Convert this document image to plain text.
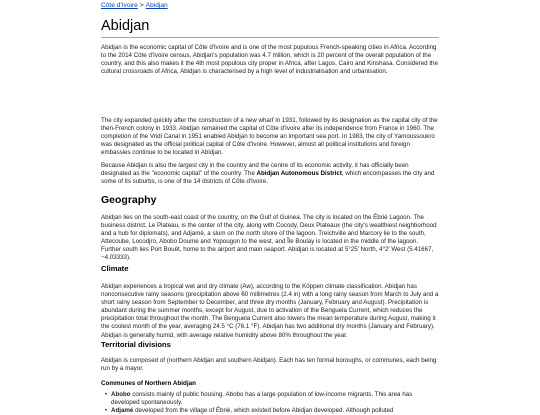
Côte d'Ivoire > Abidjan
Abidjan
Abidjan is the economic capital of Côte d'Ivoire and is one of the most populous French-speaking cities in Africa. According to the 2014 Côte d'Ivoire census, Abidjan's population was 4.7 million, which is 20 percent of the overall population of the country, and this also makes it the 4th most populous city proper in Africa, after Lagos, Cairo and Kinshasa. Considered the cultural crossroads of Africa, Abidjan is characterised by a high level of industrialisation and urbanisation.
The city expanded quickly after the construction of a new wharf in 1931, followed by its designation as the capital city of the then-French colony in 1933. Abidjan remained the capital of Côte d'Ivoire after its independence from France in 1960. The completion of the Vridi Canal in 1951 enabled Abidjan to become an important sea port. In 1983, the city of Yamoussoukro was designated as the official political capital of Côte d'Ivoire. However, almost all political institutions and foreign embassies continue to be located in Abidjan.
Because Abidjan is also the largest city in the country and the centre of its economic activity, it has officially been designated as the "economic capital" of the country. The Abidjan Autonomous District, which encompasses the city and some of its suburbs, is one of the 14 districts of Côte d'Ivoire.
Geography
Abidjan lies on the south-east coast of the country, on the Gulf of Guinea. The city is located on the Ébrié Lagoon. The business district, Le Plateau, is the center of the city, along with Cocody, Deux Plateaux (the city's wealthiest neighborhood and a hub for diplomats), and Adjamé, a slum on the north shore of the lagoon. Treichville and Marcory lie to the south, Attecoube, Locodjro, Abobo Doume and Yopougon to the west, and Île Boulay is located in the middle of the lagoon. Further south lies Port Bouët, home to the airport and main seaport. Abidjan is located at 5°25' North, 4°2' West (5.41667, −4.03333).
Climate
Abidjan experiences a tropical wet and dry climate (Aw), according to the Köppen climate classification. Abidjan has nonconsecutive rainy seasons (precipitation above 60 millimetres (2.4 in) with a long rainy season from March to July and a short rainy season from September to December, and three dry months (January, February and August). Precipitation is abundant during the summer months, except for August, due to activation of the Benguela Current, which reduces the precipitation total throughout the month. The Benguela Current also lowers the mean temperature during August, making it the coolest month of the year, averaging 24.5 °C (76.1 °F). Abidjan has two additional dry months (January and February). Abidjan is generally humid, with average relative humidity above 80% throughout the year.
Territorial divisions
Abidjan is composed of (northern Abidjan and southern Abidjan). Each has ten formal boroughs, or communes, each being run by a mayor.
Communes of Northern Abidjan
• Abobo consists mainly of public housing. Abobo has a large population of low-income migrants. This area has developed spontaneously.
• Adjamé developed from the village of Ébrié, which existed before Abidjan developed. Although polluted
